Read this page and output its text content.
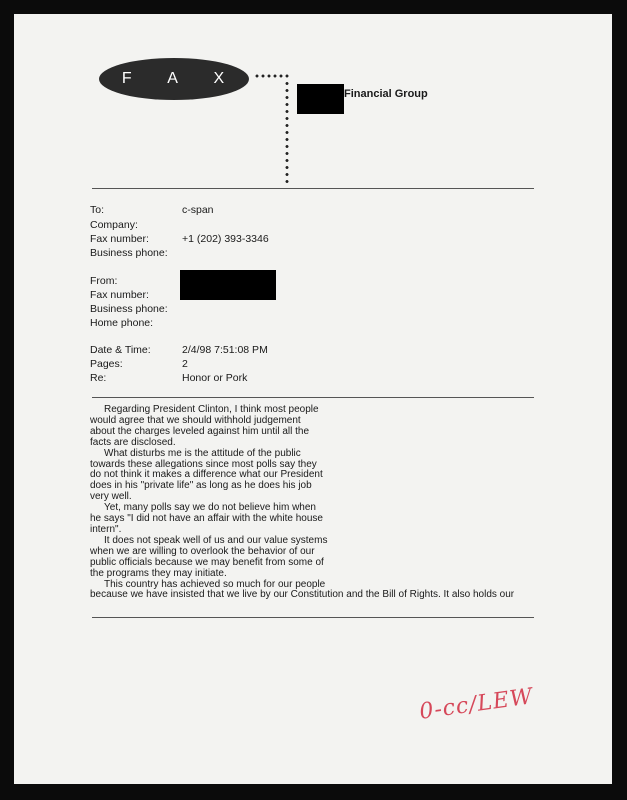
F A X
Financial Group
To:	c-span
Company:
Fax number:	+1 (202) 393-3346
Business phone:
From:
Fax number:
Business phone:
Home phone:
Date & Time:	2/4/98 7:51:08 PM
Pages:	2
Re:	Honor or Pork
Regarding President Clinton, I think most people
would agree that we should withhold judgement
about the charges leveled against him until all the
facts are disclosed.
What disturbs me is the attitude of the public
towards these allegations since most polls say they
do not think it makes a difference what our President
does in his "private life" as long as he does his job
very well.
Yet, many polls say we do not believe him when
he says "I did not have an affair with the white house
intern".
It does not speak well of us and our value systems
when we are willing to overlook the behavior of our
public officials because we may benefit from some of
the programs they may initiate.
This country has achieved so much for our people
because we have insisted that we live by our Constitution and the Bill of Rights. It also holds our
0-cc/LEW
